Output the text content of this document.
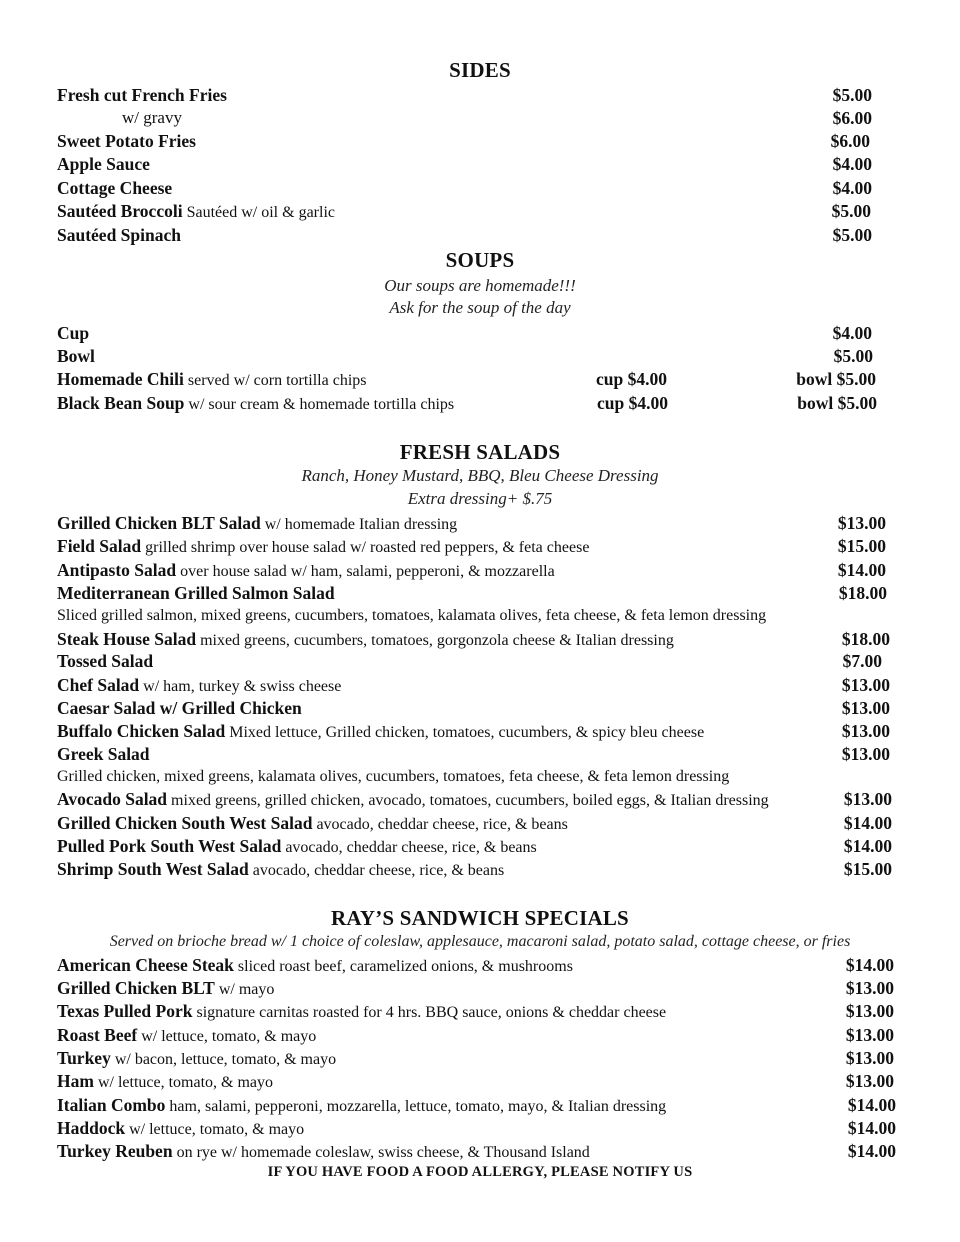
SIDES
Fresh cut French Fries	$5.00
w/ gravy	$6.00
Sweet Potato Fries	$6.00
Apple Sauce	$4.00
Cottage Cheese	$4.00
Sautéed Broccoli Sautéed w/ oil & garlic	$5.00
Sautéed Spinach	$5.00
SOUPS
Our soups are homemade!!!
Ask for the soup of the day
Cup	$4.00
Bowl	$5.00
Homemade Chili served w/ corn tortilla chips	cup $4.00	bowl $5.00
Black Bean Soup w/ sour cream & homemade tortilla chips	cup $4.00	bowl $5.00
FRESH SALADS
Ranch, Honey Mustard, BBQ, Bleu Cheese Dressing
Extra dressing+ $.75
Grilled Chicken BLT Salad w/ homemade Italian dressing	$13.00
Field Salad grilled shrimp over house salad w/ roasted red peppers, & feta cheese	$15.00
Antipasto Salad over house salad w/ ham, salami, pepperoni, & mozzarella	$14.00
Mediterranean Grilled Salmon Salad	$18.00
Sliced grilled salmon, mixed greens, cucumbers, tomatoes, kalamata olives, feta cheese, & feta lemon dressing
Steak House Salad mixed greens, cucumbers, tomatoes, gorgonzola cheese & Italian dressing	$18.00
Tossed Salad	$7.00
Chef Salad w/ ham, turkey & swiss cheese	$13.00
Caesar Salad w/ Grilled Chicken	$13.00
Buffalo Chicken Salad Mixed lettuce, Grilled chicken, tomatoes, cucumbers, & spicy bleu cheese	$13.00
Greek Salad	$13.00
Grilled chicken, mixed greens, kalamata olives, cucumbers, tomatoes, feta cheese, & feta lemon dressing
Avocado Salad mixed greens, grilled chicken, avocado, tomatoes, cucumbers, boiled eggs, & Italian dressing	$13.00
Grilled Chicken South West Salad avocado, cheddar cheese, rice, & beans	$14.00
Pulled Pork South West Salad avocado, cheddar cheese, rice, & beans	$14.00
Shrimp South West Salad avocado, cheddar cheese, rice, & beans	$15.00
RAY’S SANDWICH SPECIALS
Served on brioche bread w/ 1 choice of coleslaw, applesauce, macaroni salad, potato salad, cottage cheese, or fries
American Cheese Steak sliced roast beef, caramelized onions, & mushrooms	$14.00
Grilled Chicken BLT w/ mayo	$13.00
Texas Pulled Pork signature carnitas roasted for 4 hrs. BBQ sauce, onions & cheddar cheese	$13.00
Roast Beef w/ lettuce, tomato, & mayo	$13.00
Turkey w/ bacon, lettuce, tomato, & mayo	$13.00
Ham w/ lettuce, tomato, & mayo	$13.00
Italian Combo ham, salami, pepperoni, mozzarella, lettuce, tomato, mayo, & Italian dressing	$14.00
Haddock w/ lettuce, tomato, & mayo	$14.00
Turkey Reuben on rye w/ homemade coleslaw, swiss cheese, & Thousand Island	$14.00
IF YOU HAVE FOOD A FOOD ALLERGY, PLEASE NOTIFY US
